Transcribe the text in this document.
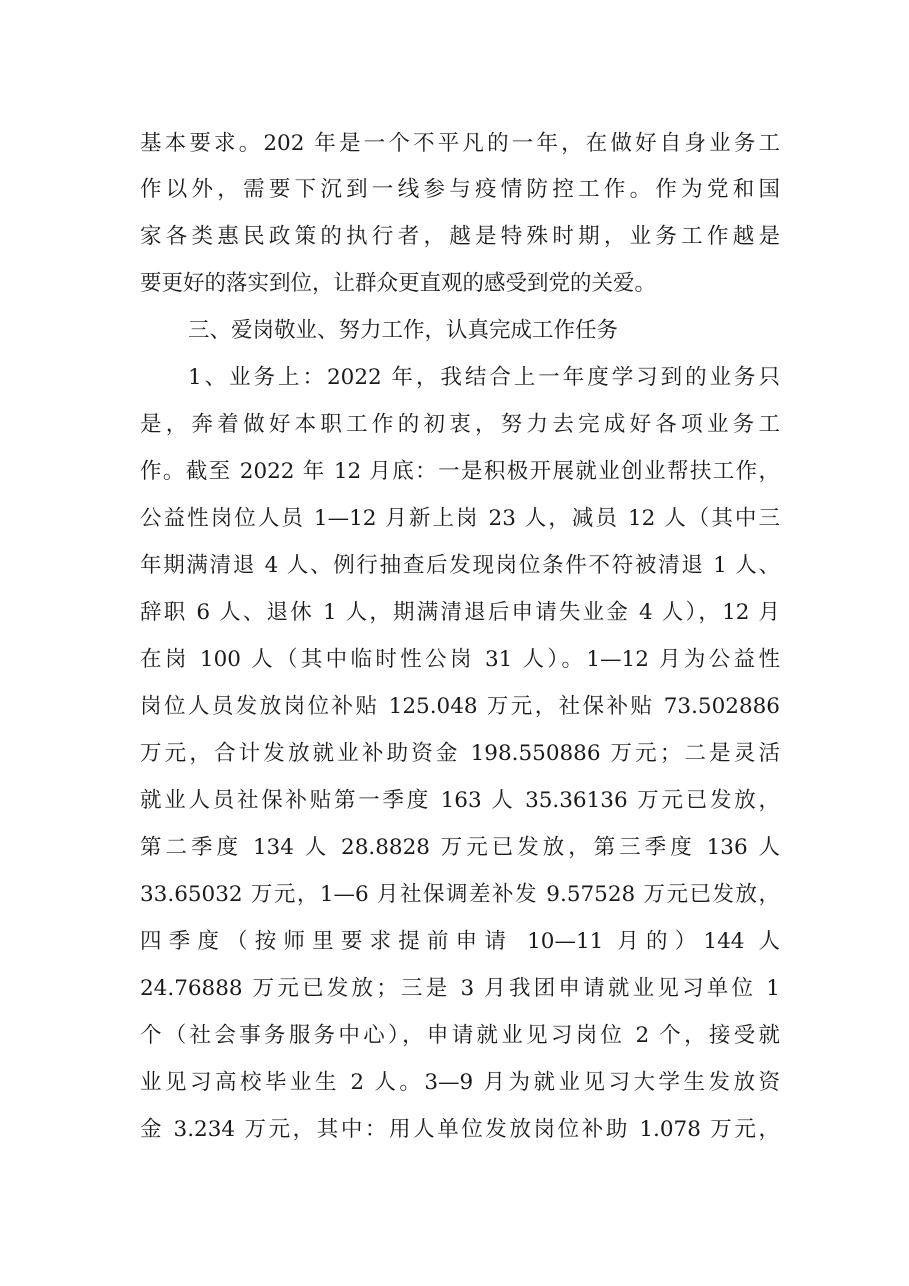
基本要求。202 年是一个不平凡的一年，在做好自身业务工
作以外，需要下沉到一线参与疫情防控工作。作为党和国
家各类惠民政策的执行者，越是特殊时期，业务工作越是
要更好的落实到位，让群众更直观的感受到党的关爱。
三、爱岗敬业、努力工作，认真完成工作任务
1、业务上：2022 年，我结合上一年度学习到的业务只
是，奔着做好本职工作的初衷，努力去完成好各项业务工
作。截至 2022 年 12 月底：一是积极开展就业创业帮扶工作，
公益性岗位人员 1—12 月新上岗 23 人，减员 12 人（其中三
年期满清退 4 人、例行抽查后发现岗位条件不符被清退 1 人、
辞职 6 人、退休 1 人，期满清退后申请失业金 4 人），12 月
在岗 100 人（其中临时性公岗 31 人）。1—12 月为公益性
岗位人员发放岗位补贴 125.048 万元，社保补贴 73.502886
万元，合计发放就业补助资金 198.550886 万元；二是灵活
就业人员社保补贴第一季度 163 人 35.36136 万元已发放，
第二季度 134 人 28.8828 万元已发放，第三季度 136 人
33.65032 万元，1—6 月社保调差补发 9.57528 万元已发放，
四季度（按师里要求提前申请 10—11 月的）144 人
24.76888 万元已发放；三是 3 月我团申请就业见习单位 1
个（社会事务服务中心），申请就业见习岗位 2 个，接受就
业见习高校毕业生 2 人。3—9 月为就业见习大学生发放资
金 3.234 万元，其中：用人单位发放岗位补助 1.078 万元，
